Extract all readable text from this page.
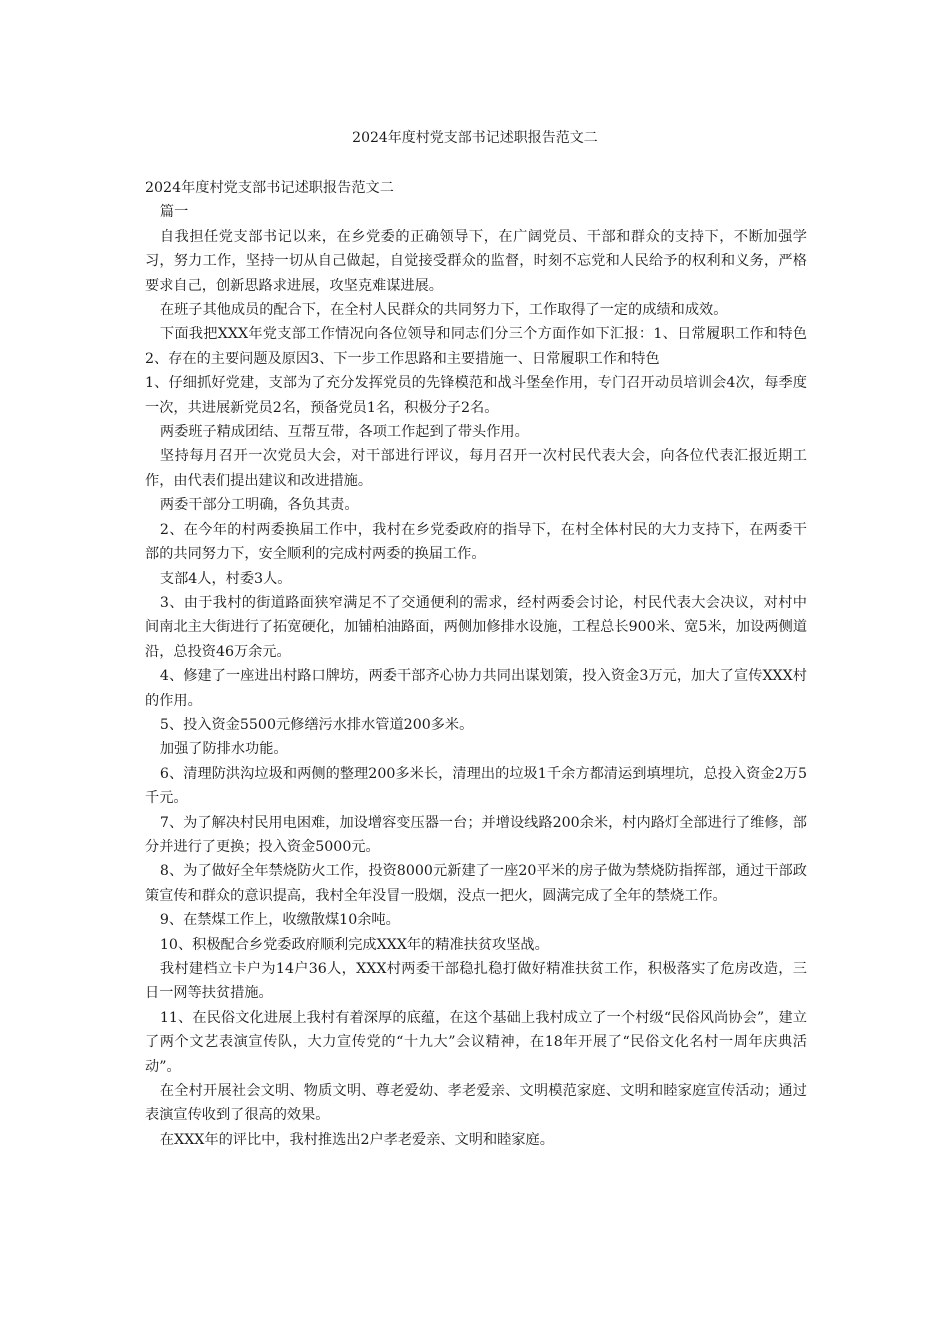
2024年度村党支部书记述职报告范文二

2024年度村党支部书记述职报告范文二

篇一

自我担任党支部书记以来，在乡党委的正确领导下，在广阔党员、干部和群众的支持下，不断加强学习，努力工作，坚持一切从自己做起，自觉接受群众的监督，时刻不忘党和人民给予的权利和义务，严格要求自己，创新思路求进展，攻坚克难谋进展。

在班子其他成员的配合下，在全村人民群众的共同努力下，工作取得了一定的成绩和成效。

下面我把XXX年党支部工作情况向各位领导和同志们分三个方面作如下汇报：1、日常履职工作和特色2、存在的主要问题及原因3、下一步工作思路和主要措施一、日常履职工作和特色

1、仔细抓好党建，支部为了充分发挥党员的先锋模范和战斗堡垒作用，专门召开动员培训会4次，每季度一次，共进展新党员2名，预备党员1名，积极分子2名。

两委班子精成团结、互帮互带，各项工作起到了带头作用。

坚持每月召开一次党员大会，对干部进行评议，每月召开一次村民代表大会，向各位代表汇报近期工作，由代表们提出建议和改进措施。

两委干部分工明确，各负其责。

2、在今年的村两委换届工作中，我村在乡党委政府的指导下，在村全体村民的大力支持下，在两委干部的共同努力下，安全顺利的完成村两委的换届工作。

支部4人，村委3人。

3、由于我村的街道路面狭窄满足不了交通便利的需求，经村两委会讨论，村民代表大会决议，对村中间南北主大街进行了拓宽硬化，加铺柏油路面，两侧加修排水设施，工程总长900米、宽5米，加设两侧道沿，总投资46万余元。

4、修建了一座进出村路口牌坊，两委干部齐心协力共同出谋划策，投入资金3万元，加大了宣传XXX村的作用。

5、投入资金5500元修缮污水排水管道200多米。

加强了防排水功能。

6、清理防洪沟垃圾和两侧的整理200多米长，清理出的垃圾1千余方都清运到填埋坑，总投入资金2万5千元。

7、为了解决村民用电困难，加设增容变压器一台；并增设线路200余米，村内路灯全部进行了维修，部分并进行了更换；投入资金5000元。

8、为了做好全年禁烧防火工作，投资8000元新建了一座20平米的房子做为禁烧防指挥部，通过干部政策宣传和群众的意识提高，我村全年没冒一股烟，没点一把火，圆满完成了全年的禁烧工作。

9、在禁煤工作上，收缴散煤10余吨。

10、积极配合乡党委政府顺利完成XXX年的精准扶贫攻坚战。

我村建档立卡户为14户36人，XXX村两委干部稳扎稳打做好精准扶贫工作，积极落实了危房改造，三日一网等扶贫措施。

11、在民俗文化进展上我村有着深厚的底蕴，在这个基础上我村成立了一个村级“民俗风尚协会”，建立了两个文艺表演宣传队，大力宣传党的“十九大”会议精神，在18年开展了“民俗文化名村一周年庆典活动”。

在全村开展社会文明、物质文明、尊老爱幼、孝老爱亲、文明模范家庭、文明和睦家庭宣传活动；通过表演宣传收到了很高的效果。

在XXX年的评比中，我村推选出2户孝老爱亲、文明和睦家庭。
